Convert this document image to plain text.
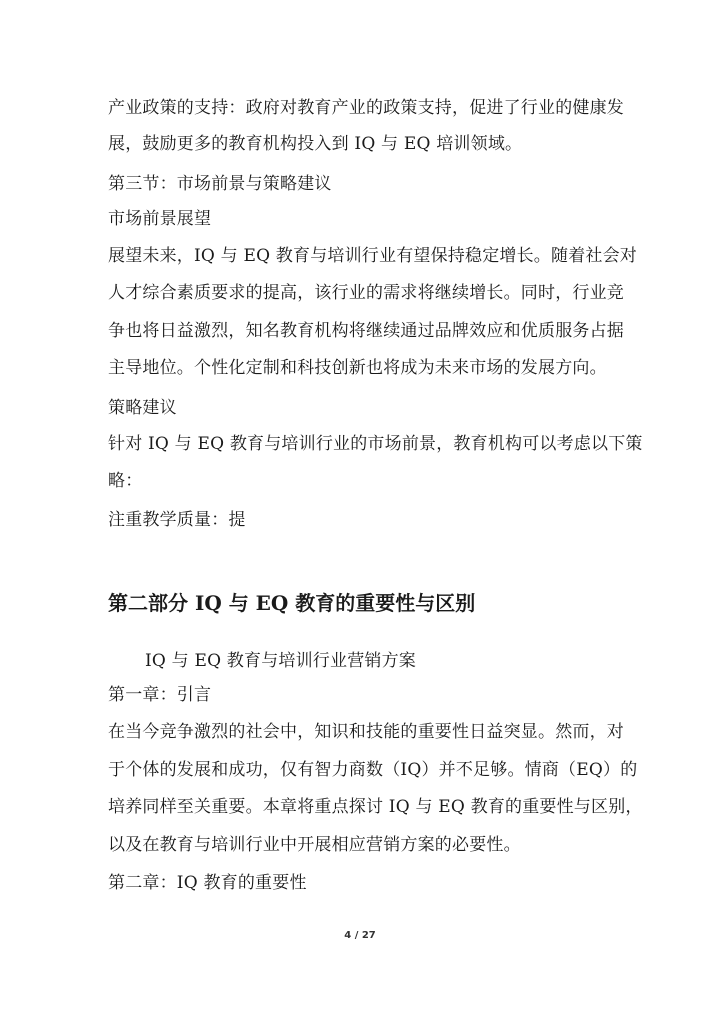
产业政策的支持：政府对教育产业的政策支持，促进了行业的健康发
展，鼓励更多的教育机构投入到 IQ 与 EQ 培训领域。
第三节：市场前景与策略建议
市场前景展望
展望未来，IQ 与 EQ 教育与培训行业有望保持稳定增长。随着社会对
人才综合素质要求的提高，该行业的需求将继续增长。同时，行业竞
争也将日益激烈，知名教育机构将继续通过品牌效应和优质服务占据
主导地位。个性化定制和科技创新也将成为未来市场的发展方向。
策略建议
针对 IQ 与 EQ 教育与培训行业的市场前景，教育机构可以考虑以下策
略：
注重教学质量：提
第二部分 IQ 与 EQ 教育的重要性与区别
IQ 与 EQ 教育与培训行业营销方案
第一章：引言
在当今竞争激烈的社会中，知识和技能的重要性日益突显。然而，对
于个体的发展和成功，仅有智力商数（IQ）并不足够。情商（EQ）的
培养同样至关重要。本章将重点探讨 IQ 与 EQ 教育的重要性与区别，
以及在教育与培训行业中开展相应营销方案的必要性。
第二章：IQ 教育的重要性
4 / 27
